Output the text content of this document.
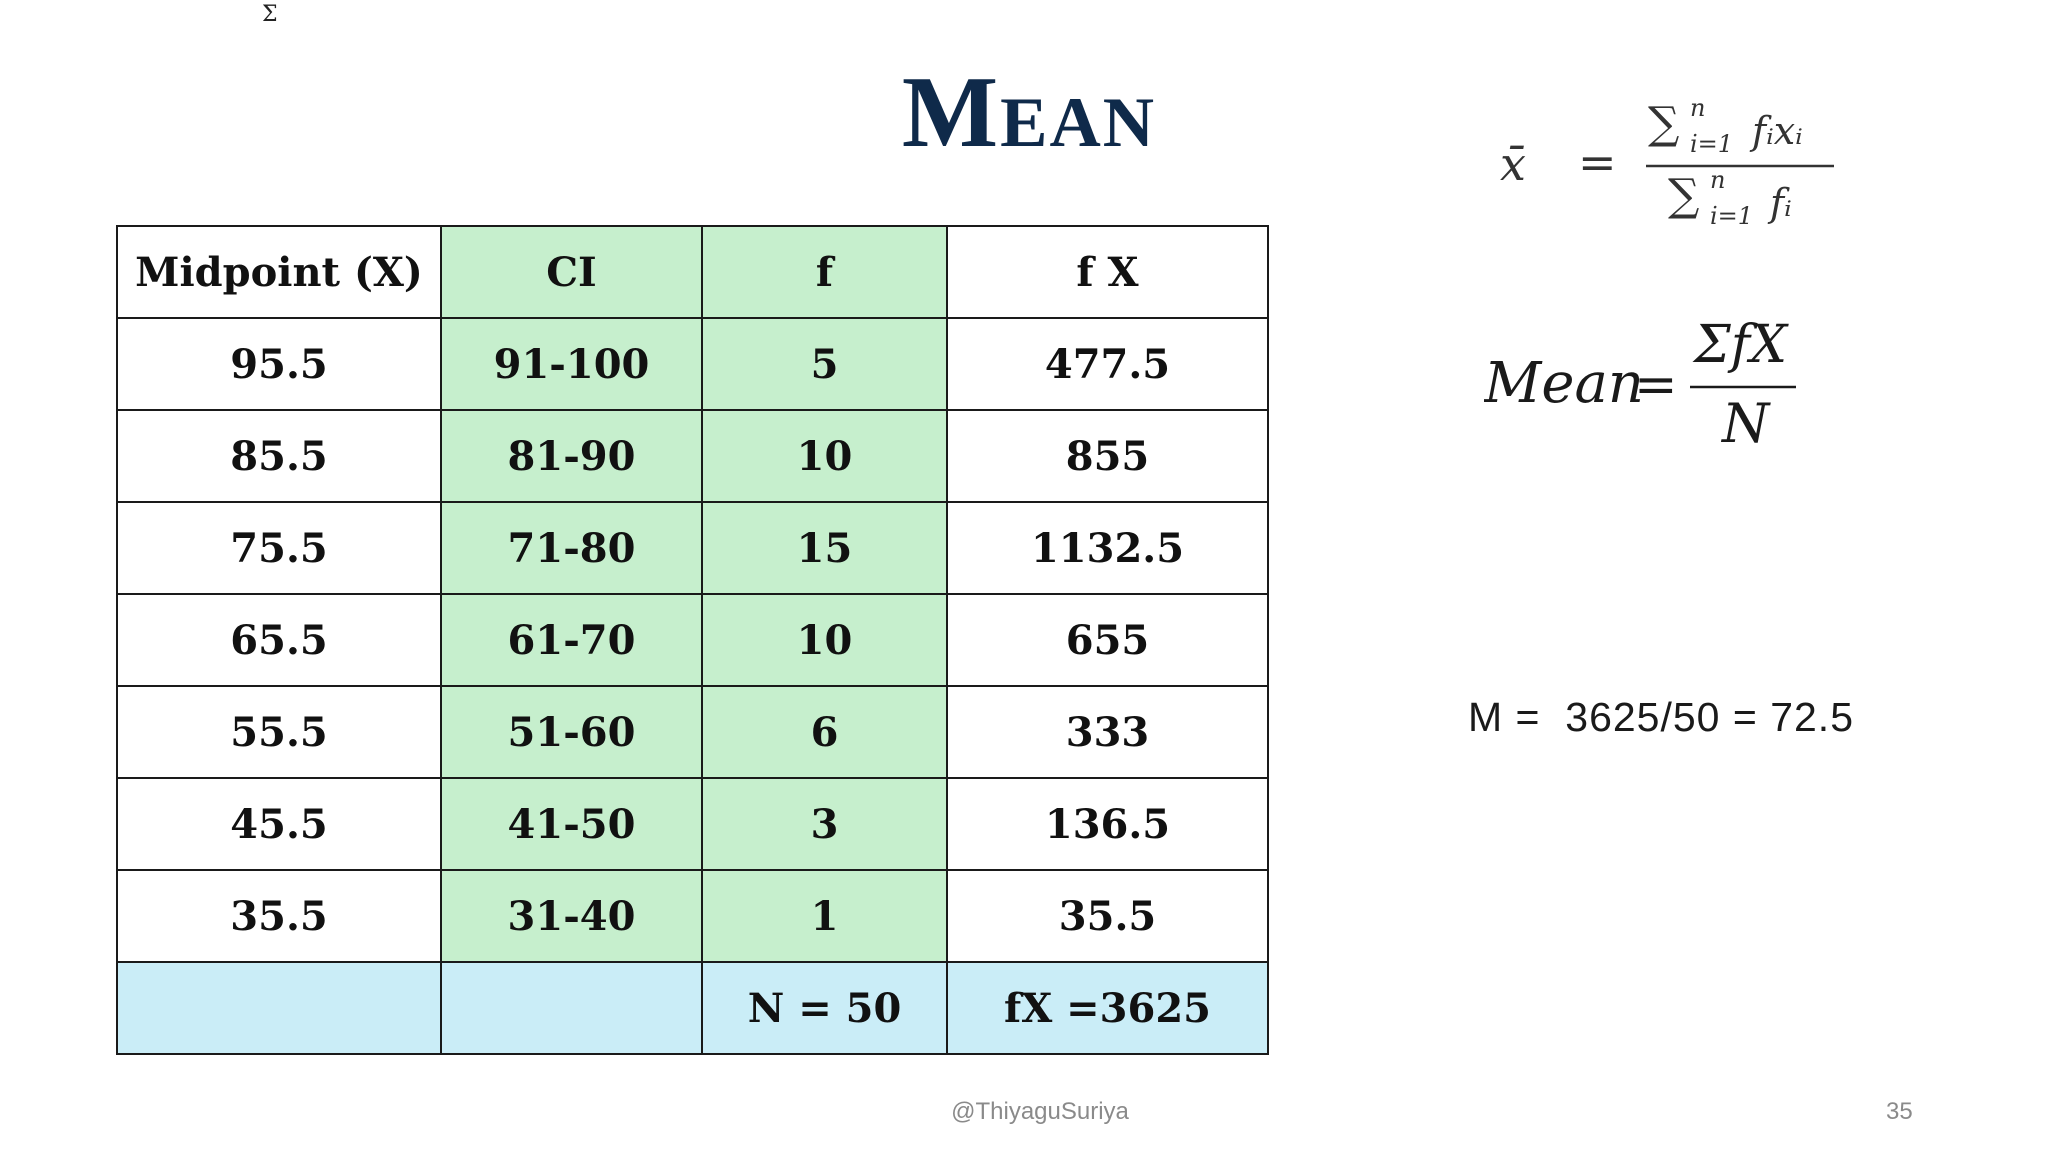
Σ
Mean
Midpoint (X)	CI	f	f X
95.5	91-100	5	477.5
85.5	81-90	10	855
75.5	71-80	15	1132.5
65.5	61-70	10	655
55.5	51-60	6	333
45.5	41-50	3	136.5
35.5	31-40	1	35.5
		N = 50	fX =3625
x̄ =
∑ n
i=1 fᵢxᵢ
∑ n
i=1 fᵢ
Mean
=
ΣfX
N
M =  3625/50 = 72.5
@ThiyaguSuriya	35
